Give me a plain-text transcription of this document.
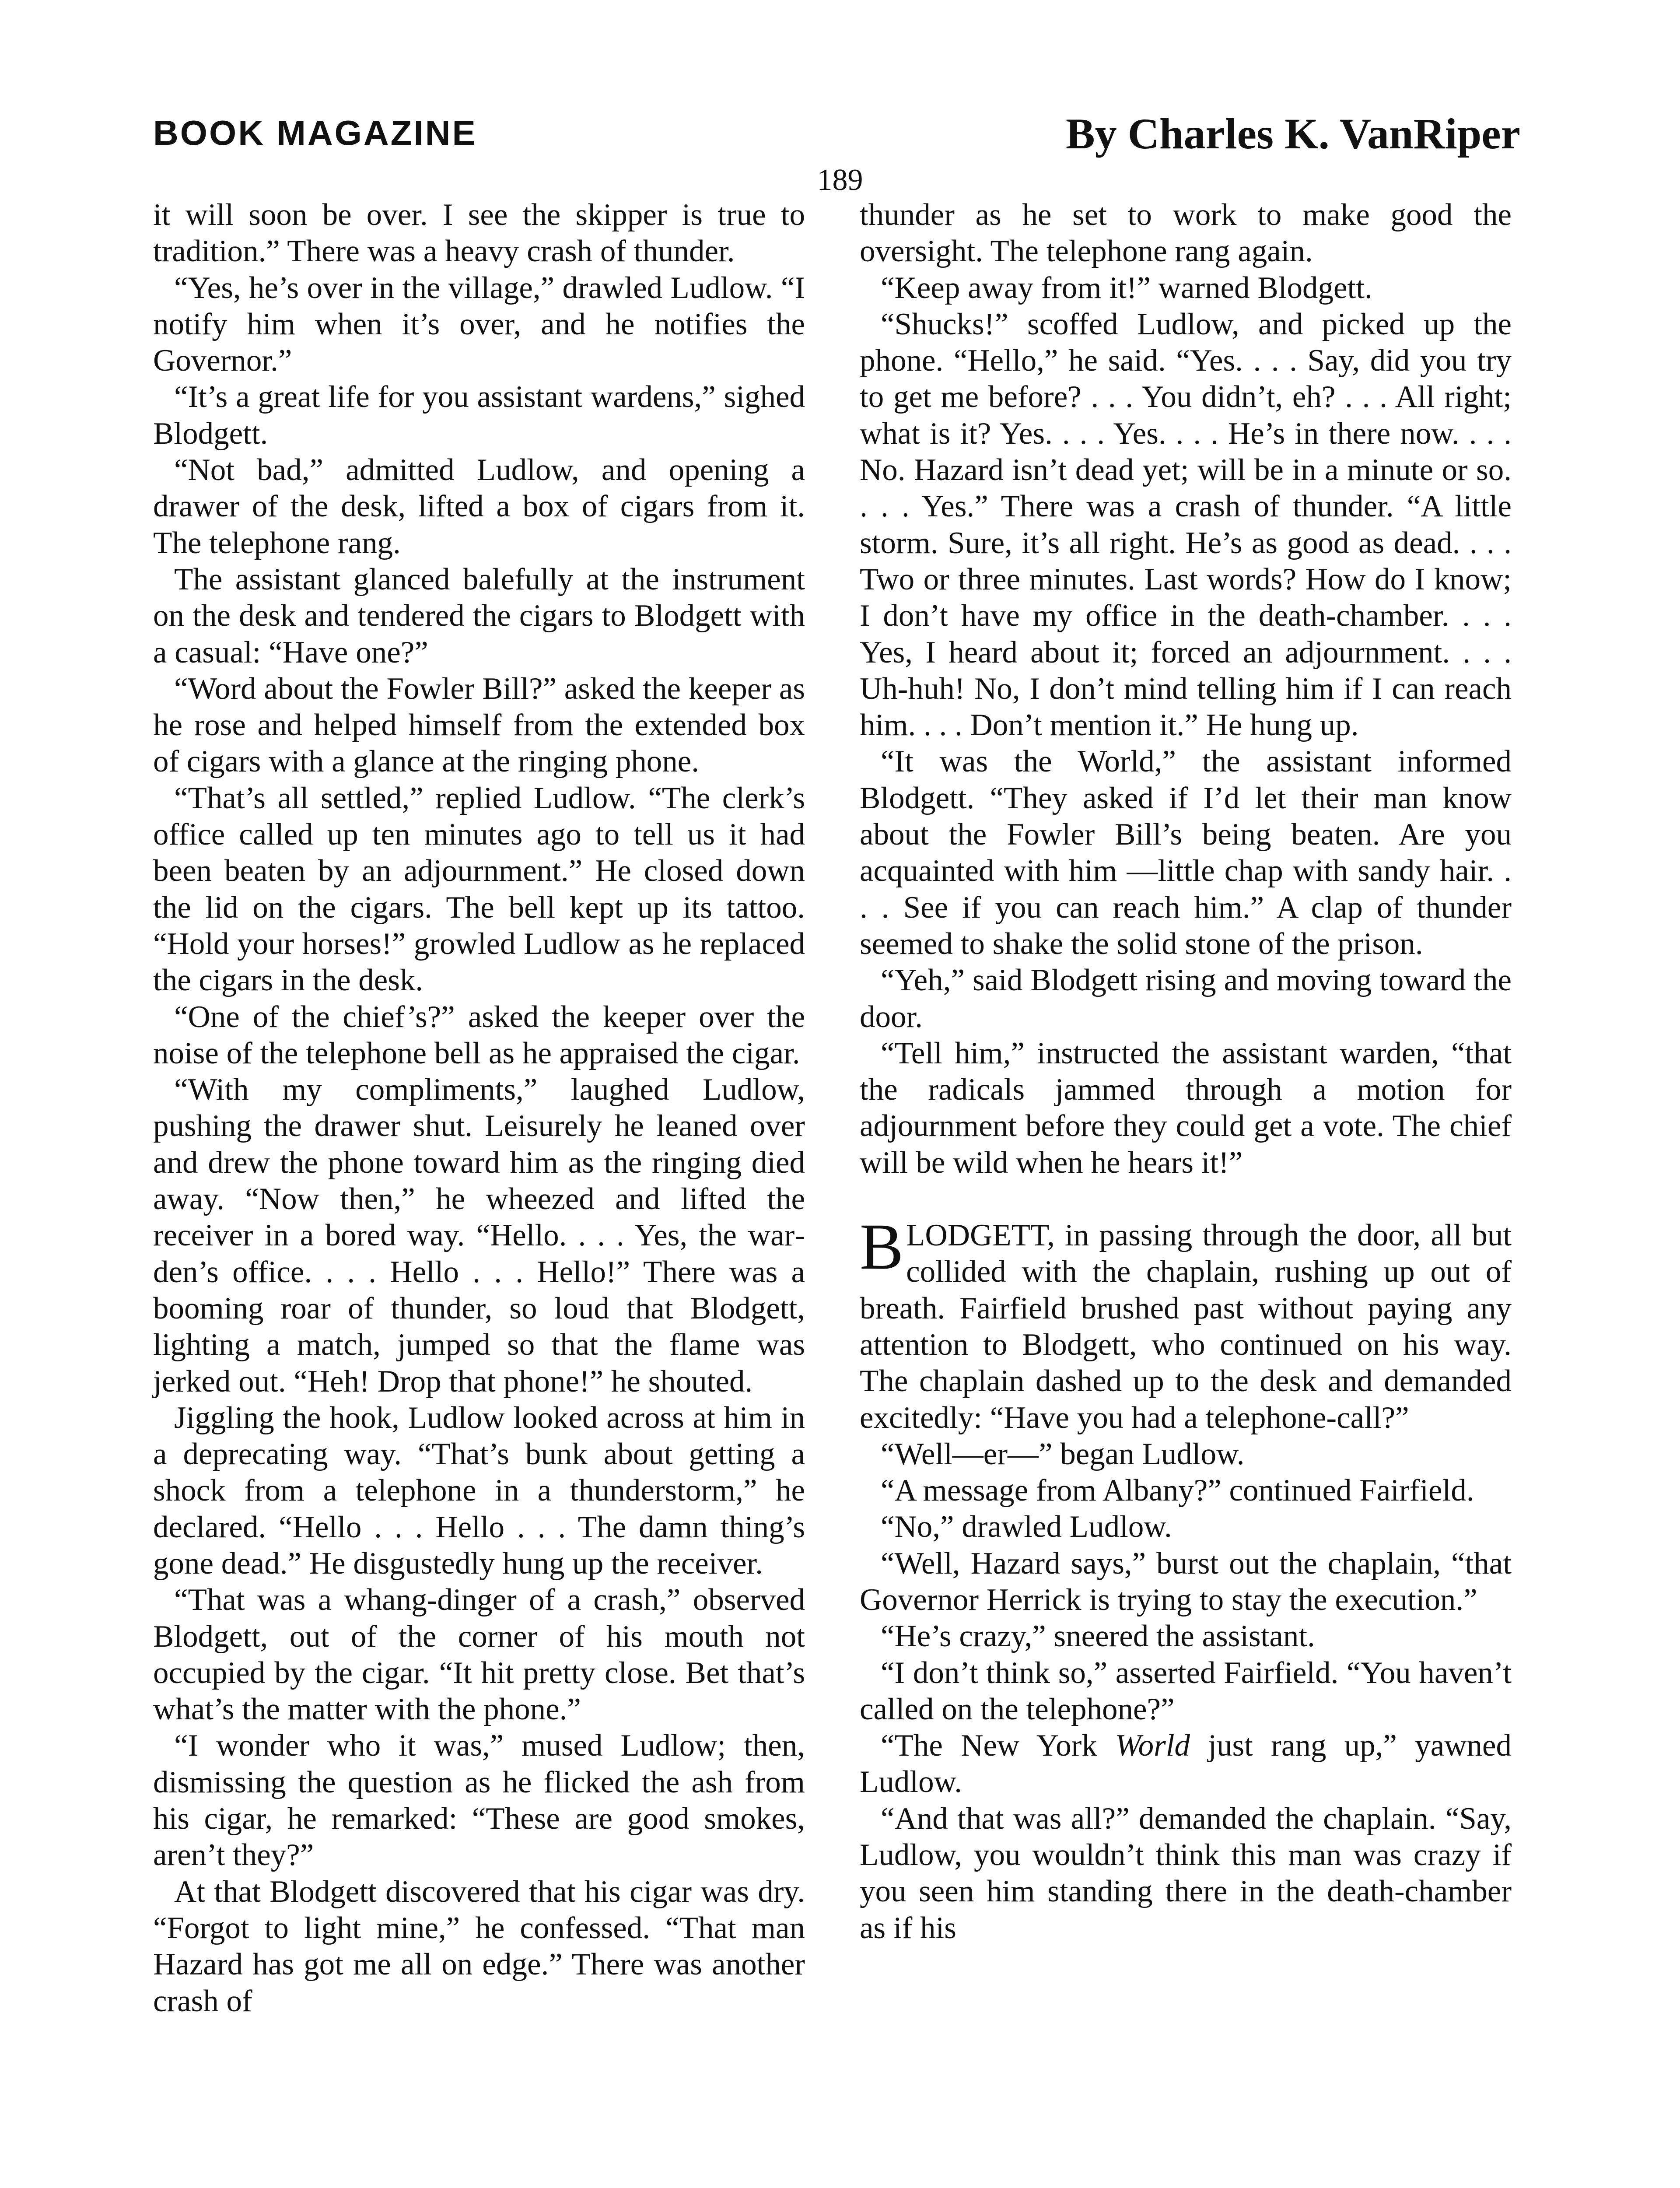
BOOK MAGAZINE	By Charles K. VanRiper
189

it will soon be over. I see the skipper is true to tradition.” There was a heavy crash of thunder.

“Yes, he’s over in the village,” drawled Ludlow. “I notify him when it’s over, and he notifies the Governor.”

“It’s a great life for you assistant wardens,” sighed Blodgett.

“Not bad,” admitted Ludlow, and opening a drawer of the desk, lifted a box of cigars from it. The telephone rang.

The assistant glanced balefully at the instrument on the desk and tendered the cigars to Blodgett with a casual: “Have one?”

“Word about the Fowler Bill?” asked the keeper as he rose and helped himself from the extended box of cigars with a glance at the ringing phone.

“That’s all settled,” replied Ludlow. “The clerk’s office called up ten minutes ago to tell us it had been beaten by an adjournment.” He closed down the lid on the cigars. The bell kept up its tattoo. “Hold your horses!” growled Ludlow as he replaced the cigars in the desk.

“One of the chief’s?” asked the keeper over the noise of the telephone bell as he appraised the cigar.

“With my compliments,” laughed Ludlow, pushing the drawer shut. Leisurely he leaned over and drew the phone toward him as the ringing died away. “Now then,” he wheezed and lifted the receiver in a bored way. “Hello. . . . Yes, the warden’s office. . . . Hello . . . Hello!” There was a booming roar of thunder, so loud that Blodgett, lighting a match, jumped so that the flame was jerked out. “Heh! Drop that phone!” he shouted.

Jiggling the hook, Ludlow looked across at him in a deprecating way. “That’s bunk about getting a shock from a telephone in a thunderstorm,” he declared. “Hello . . . Hello . . . The damn thing’s gone dead.” He disgustedly hung up the receiver.

“That was a whang-dinger of a crash,” observed Blodgett, out of the corner of his mouth not occupied by the cigar. “It hit pretty close. Bet that’s what’s the matter with the phone.”

“I wonder who it was,” mused Ludlow; then, dismissing the question as he flicked the ash from his cigar, he remarked: “These are good smokes, aren’t they?”

At that Blodgett discovered that his cigar was dry. “Forgot to light mine,” he confessed. “That man Hazard has got me all on edge.” There was another crash of

thunder as he set to work to make good the oversight. The telephone rang again.

“Keep away from it!” warned Blodgett.

“Shucks!” scoffed Ludlow, and picked up the phone. “Hello,” he said. “Yes. . . . Say, did you try to get me before? . . . You didn’t, eh? . . . All right; what is it? Yes. . . . Yes. . . . He’s in there now. . . . No. Hazard isn’t dead yet; will be in a minute or so. . . . Yes.” There was a crash of thunder. “A little storm. Sure, it’s all right. He’s as good as dead. . . . Two or three minutes. Last words? How do I know; I don’t have my office in the death-chamber. . . . Yes, I heard about it; forced an adjournment. . . . Uh-huh! No, I don’t mind telling him if I can reach him. . . . Don’t mention it.” He hung up.

“It was the World,” the assistant informed Blodgett. “They asked if I’d let their man know about the Fowler Bill’s being beaten. Are you acquainted with him —little chap with sandy hair. . . . See if you can reach him.” A clap of thunder seemed to shake the solid stone of the prison.

“Yeh,” said Blodgett rising and moving toward the door.

“Tell him,” instructed the assistant warden, “that the radicals jammed through a motion for adjournment before they could get a vote. The chief will be wild when he hears it!”

BLODGETT, in passing through the door, all but collided with the chaplain, rushing up out of breath. Fairfield brushed past without paying any attention to Blodgett, who continued on his way. The chaplain dashed up to the desk and demanded excitedly: “Have you had a telephone-call?”

“Well—er—” began Ludlow.

“A message from Albany?” continued Fairfield.

“No,” drawled Ludlow.

“Well, Hazard says,” burst out the chaplain, “that Governor Herrick is trying to stay the execution.”

“He’s crazy,” sneered the assistant.

“I don’t think so,” asserted Fairfield. “You haven’t called on the telephone?”

“The New York World just rang up,” yawned Ludlow.

“And that was all?” demanded the chaplain. “Say, Ludlow, you wouldn’t think this man was crazy if you seen him standing there in the death-chamber as if his
